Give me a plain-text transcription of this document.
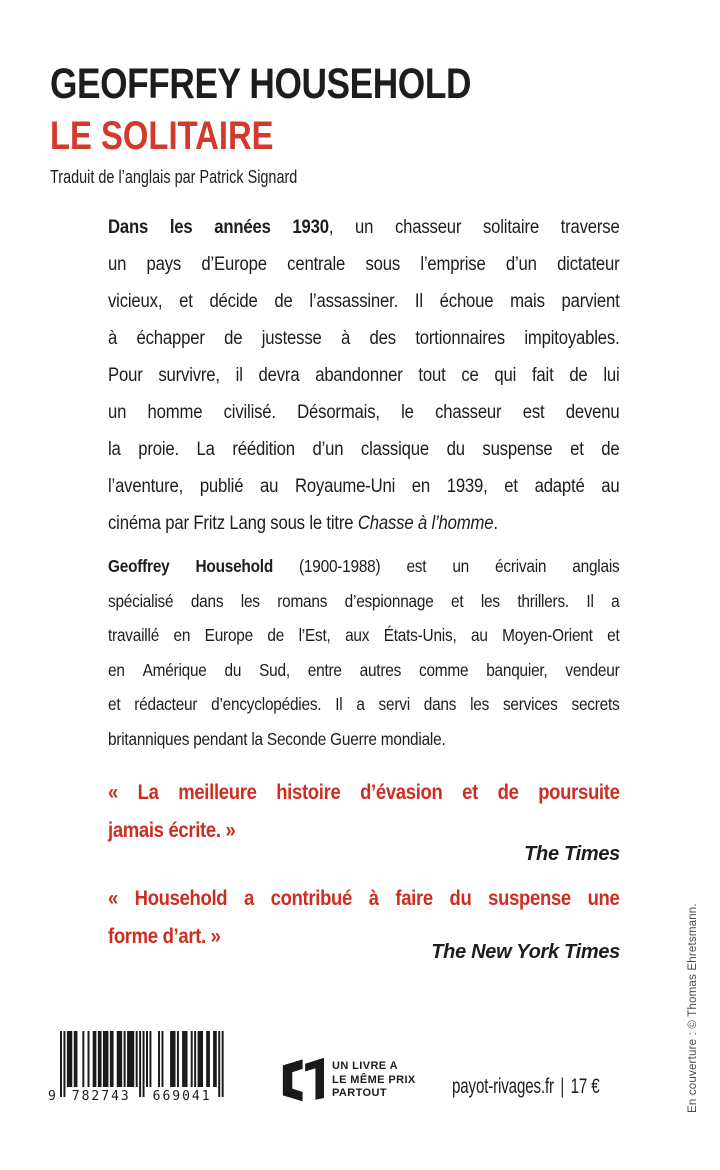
GEOFFREY HOUSEHOLD
LE SOLITAIRE
Traduit de l’anglais par Patrick Signard
Dans les années 1930, un chasseur solitaire traverse
un pays d’Europe centrale sous l’emprise d’un dictateur
vicieux, et décide de l’assassiner. Il échoue mais parvient
à échapper de justesse à des tortionnaires impitoyables.
Pour survivre, il devra abandonner tout ce qui fait de lui
un homme civilisé. Désormais, le chasseur est devenu
la proie. La réédition d’un classique du suspense et de
l’aventure, publié au Royaume-Uni en 1939, et adapté au
cinéma par Fritz Lang sous le titre Chasse à l’homme.
Geoffrey Household (1900-1988) est un écrivain anglais
spécialisé dans les romans d’espionnage et les thrillers. Il a
travaillé en Europe de l’Est, aux États-Unis, au Moyen-Orient et
en Amérique du Sud, entre autres comme banquier, vendeur
et rédacteur d’encyclopédies. Il a servi dans les services secrets
britanniques pendant la Seconde Guerre mondiale.
« La meilleure histoire d’évasion et de poursuite
jamais écrite. »
The Times
« Household a contribué à faire du suspense une
forme d’art. »
The New York Times
9 782743 669041
UN LIVRE A
LE MÊME PRIX
PARTOUT	payot-rivages.fr | 17 €	En couverture : © Thomas Ehretsmann.
